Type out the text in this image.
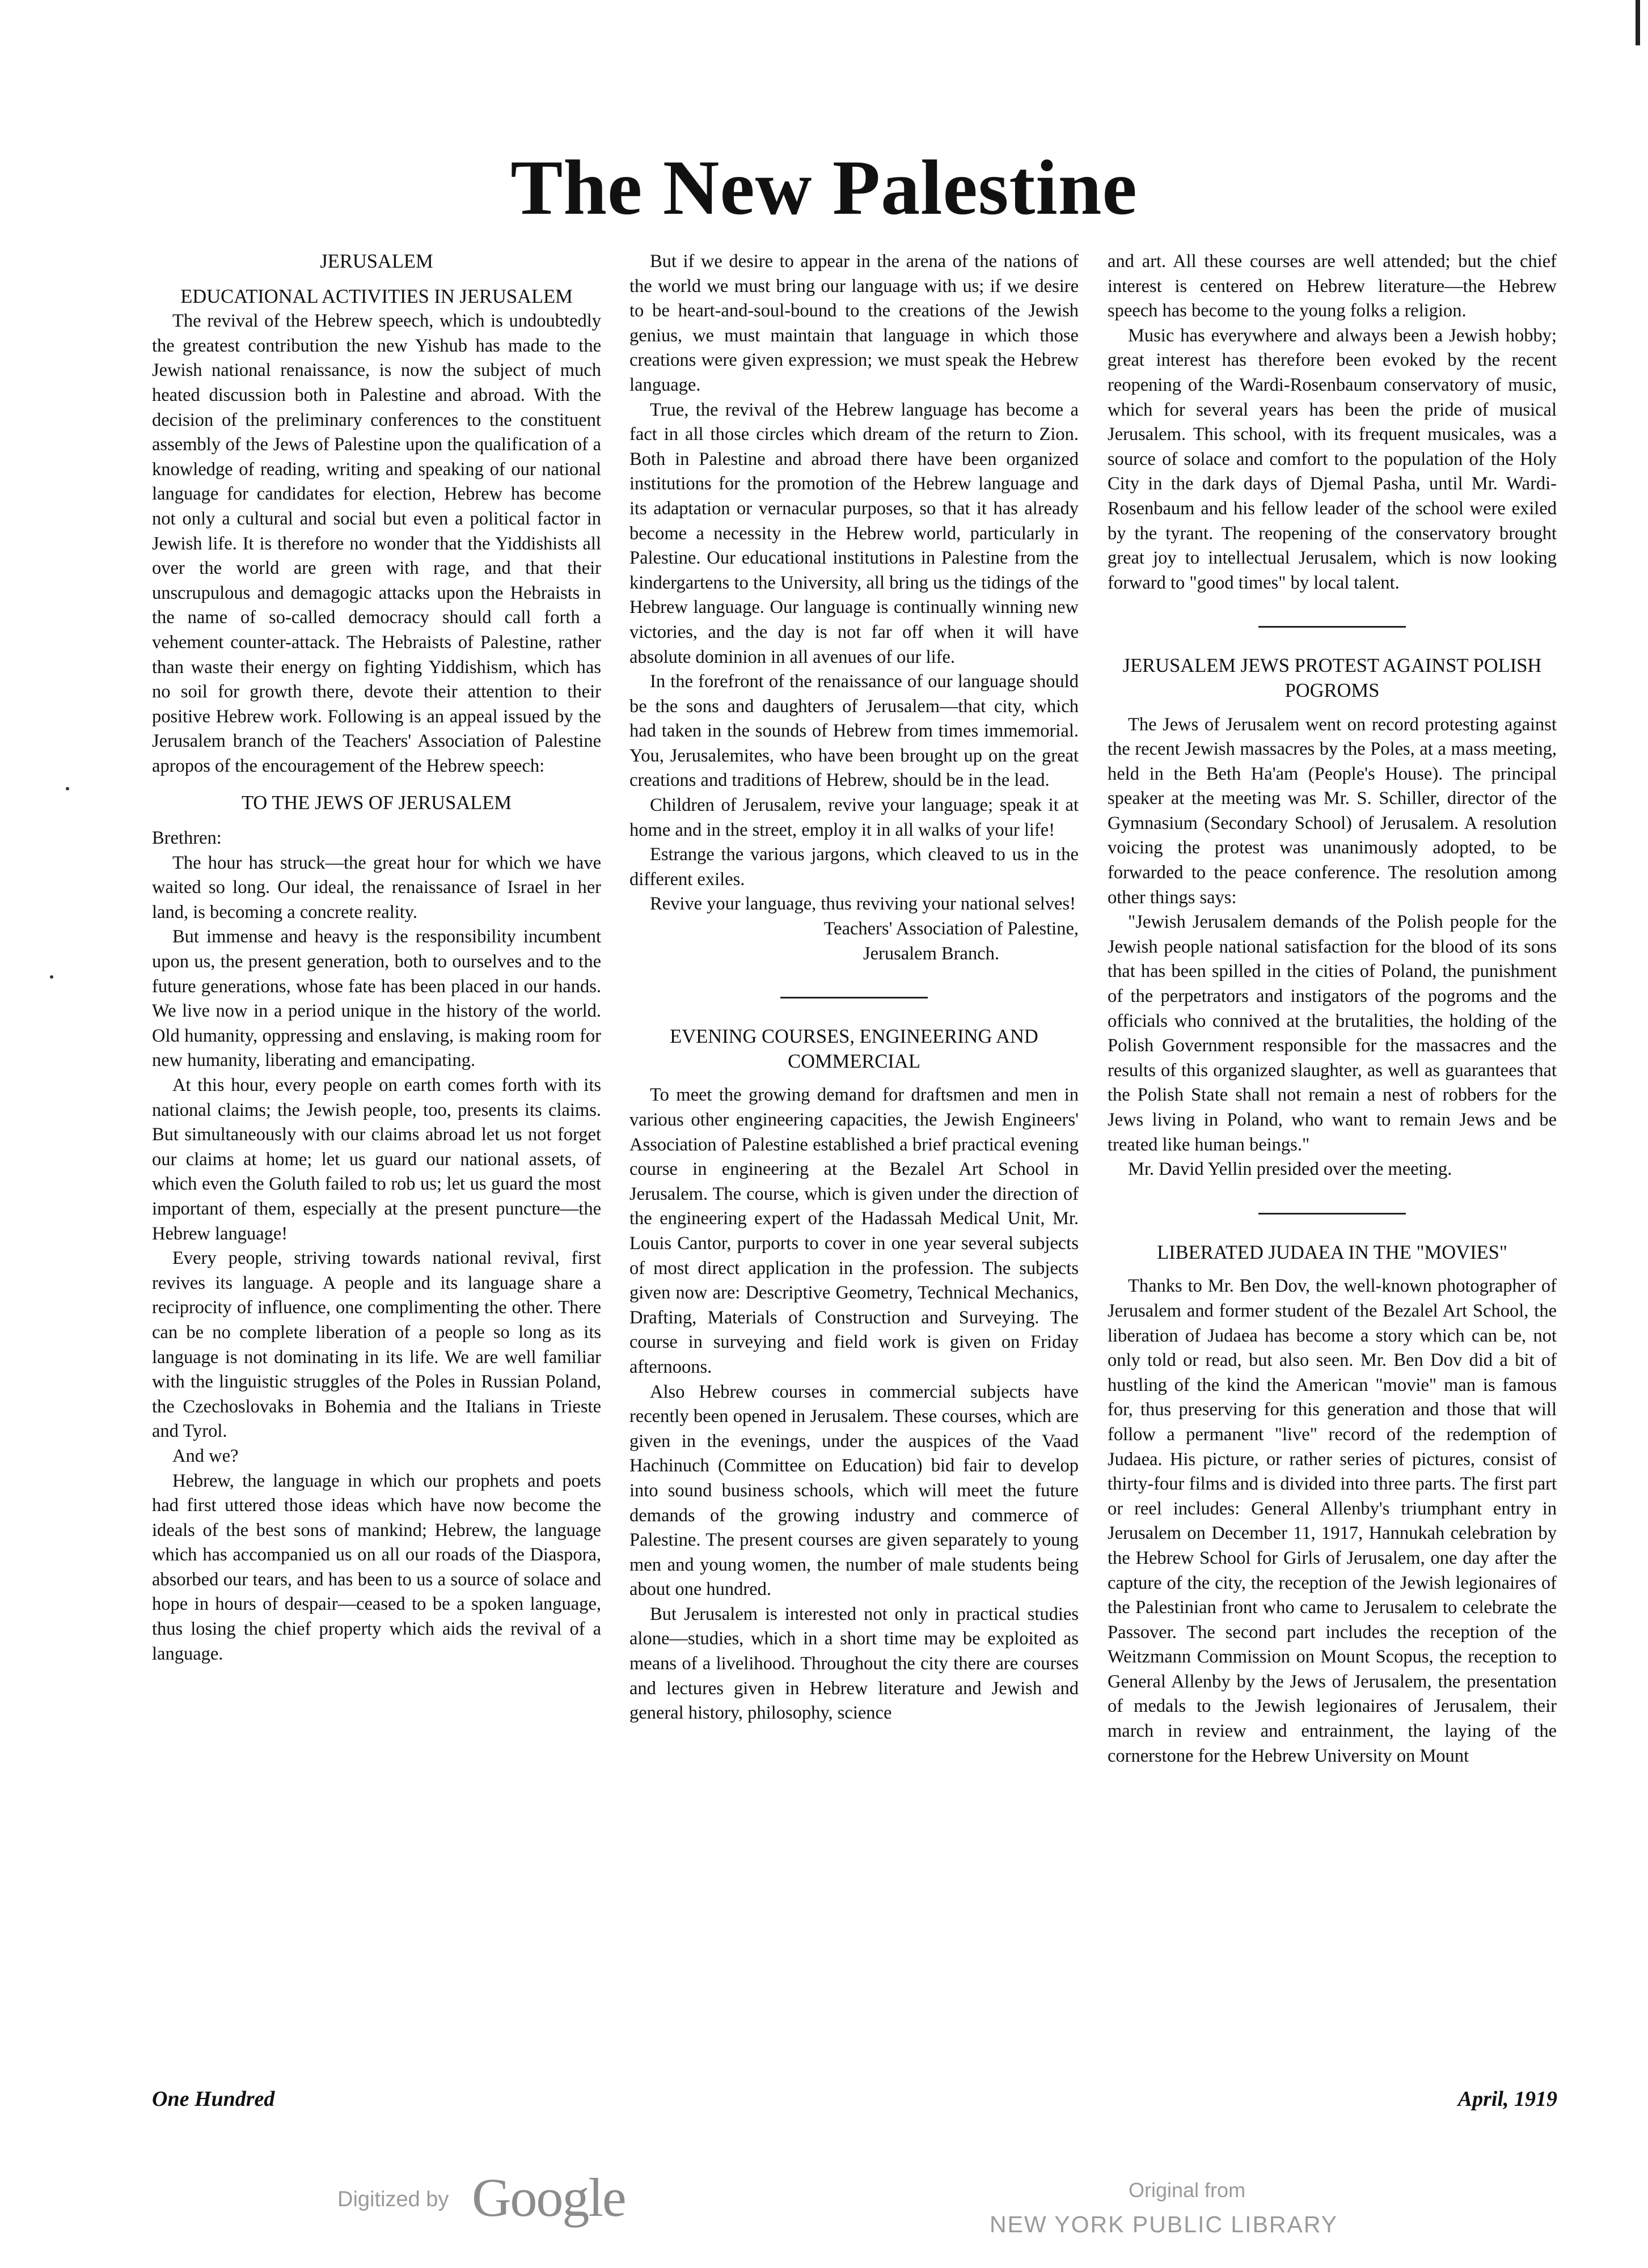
The New Palestine
JERUSALEM
EDUCATIONAL ACTIVITIES IN JERUSALEM

The revival of the Hebrew speech, which is undoubtedly the greatest contribution the new Yishub has made to the Jewish national renaissance, is now the subject of much heated discussion both in Palestine and abroad. With the decision of the preliminary conferences to the constituent assembly of the Jews of Palestine upon the qualification of a knowledge of reading, writing and speaking of our national language for candidates for election, Hebrew has become not only a cultural and social but even a political factor in Jewish life. It is therefore no wonder that the Yiddishists all over the world are green with rage, and that their unscrupulous and demagogic attacks upon the Hebraists in the name of so-called democracy should call forth a vehement counter-attack. The Hebraists of Palestine, rather than waste their energy on fighting Yiddishism, which has no soil for growth there, devote their attention to their positive Hebrew work. Following is an appeal issued by the Jerusalem branch of the Teachers' Association of Palestine apropos of the encouragement of the Hebrew speech:

TO THE JEWS OF JERUSALEM

Brethren:

The hour has struck—the great hour for which we have waited so long. Our ideal, the renaissance of Israel in her land, is becoming a concrete reality.

But immense and heavy is the responsibility incumbent upon us, the present generation, both to ourselves and to the future generations, whose fate has been placed in our hands. We live now in a period unique in the history of the world. Old humanity, oppressing and enslaving, is making room for new humanity, liberating and emancipating.

At this hour, every people on earth comes forth with its national claims; the Jewish people, too, presents its claims. But simultaneously with our claims abroad let us not forget our claims at home; let us guard our national assets, of which even the Goluth failed to rob us; let us guard the most important of them, especially at the present puncture—the Hebrew language!

Every people, striving towards national revival, first revives its language. A people and its language share a reciprocity of influence, one complimenting the other. There can be no complete liberation of a people so long as its language is not dominating in its life. We are well familiar with the linguistic struggles of the Poles in Russian Poland, the Czechoslovaks in Bohemia and the Italians in Trieste and Tyrol.

And we?

Hebrew, the language in which our prophets and poets had first uttered those ideas which have now become the ideals of the best sons of mankind; Hebrew, the language which has accompanied us on all our roads of the Diaspora, absorbed our tears, and has been to us a source of solace and hope in hours of despair—ceased to be a spoken language, thus losing the chief property which aids the revival of a language.

But if we desire to appear in the arena of the nations of the world we must bring our language with us; if we desire to be heart-and-soul-bound to the creations of the Jewish genius, we must maintain that language in which those creations were given expression; we must speak the Hebrew language.

True, the revival of the Hebrew language has become a fact in all those circles which dream of the return to Zion. Both in Palestine and abroad there have been organized institutions for the promotion of the Hebrew language and its adaptation or vernacular purposes, so that it has already become a necessity in the Hebrew world, particularly in Palestine. Our educational institutions in Palestine from the kindergartens to the University, all bring us the tidings of the Hebrew language. Our language is continually winning new victories, and the day is not far off when it will have absolute dominion in all avenues of our life.

In the forefront of the renaissance of our language should be the sons and daughters of Jerusalem—that city, which had taken in the sounds of Hebrew from times immemorial. You, Jerusalemites, who have been brought up on the great creations and traditions of Hebrew, should be in the lead.

Children of Jerusalem, revive your language; speak it at home and in the street, employ it in all walks of your life!

Estrange the various jargons, which cleaved to us in the different exiles.

Revive your language, thus reviving your national selves!

Teachers' Association of Palestine,

Jerusalem Branch.

EVENING COURSES, ENGINEERING AND COMMERCIAL

To meet the growing demand for draftsmen and men in various other engineering capacities, the Jewish Engineers' Association of Palestine established a brief practical evening course in engineering at the Bezalel Art School in Jerusalem. The course, which is given under the direction of the engineering expert of the Hadassah Medical Unit, Mr. Louis Cantor, purports to cover in one year several subjects of most direct application in the profession. The subjects given now are: Descriptive Geometry, Technical Mechanics, Drafting, Materials of Construction and Surveying. The course in surveying and field work is given on Friday afternoons.

Also Hebrew courses in commercial subjects have recently been opened in Jerusalem. These courses, which are given in the evenings, under the auspices of the Vaad Hachinuch (Committee on Education) bid fair to develop into sound business schools, which will meet the future demands of the growing industry and commerce of Palestine. The present courses are given separately to young men and young women, the number of male students being about one hundred.

But Jerusalem is interested not only in practical studies alone—studies, which in a short time may be exploited as means of a livelihood. Throughout the city there are courses and lectures given in Hebrew literature and Jewish and general history, philosophy, science

and art. All these courses are well attended; but the chief interest is centered on Hebrew literature—the Hebrew speech has become to the young folks a religion.

Music has everywhere and always been a Jewish hobby; great interest has therefore been evoked by the recent reopening of the Wardi-Rosenbaum conservatory of music, which for several years has been the pride of musical Jerusalem. This school, with its frequent musicales, was a source of solace and comfort to the population of the Holy City in the dark days of Djemal Pasha, until Mr. Wardi-Rosenbaum and his fellow leader of the school were exiled by the tyrant. The reopening of the conservatory brought great joy to intellectual Jerusalem, which is now looking forward to "good times" by local talent.

JERUSALEM JEWS PROTEST AGAINST POLISH POGROMS

The Jews of Jerusalem went on record protesting against the recent Jewish massacres by the Poles, at a mass meeting, held in the Beth Ha'am (People's House). The principal speaker at the meeting was Mr. S. Schiller, director of the Gymnasium (Secondary School) of Jerusalem. A resolution voicing the protest was unanimously adopted, to be forwarded to the peace conference. The resolution among other things says:

"Jewish Jerusalem demands of the Polish people for the Jewish people national satisfaction for the blood of its sons that has been spilled in the cities of Poland, the punishment of the perpetrators and instigators of the pogroms and the officials who connived at the brutalities, the holding of the Polish Government responsible for the massacres and the results of this organized slaughter, as well as guarantees that the Polish State shall not remain a nest of robbers for the Jews living in Poland, who want to remain Jews and be treated like human beings."

Mr. David Yellin presided over the meeting.

LIBERATED JUDAEA IN THE "MOVIES"

Thanks to Mr. Ben Dov, the well-known photographer of Jerusalem and former student of the Bezalel Art School, the liberation of Judaea has become a story which can be, not only told or read, but also seen. Mr. Ben Dov did a bit of hustling of the kind the American "movie" man is famous for, thus preserving for this generation and those that will follow a permanent "live" record of the redemption of Judaea. His picture, or rather series of pictures, consist of thirty-four films and is divided into three parts. The first part or reel includes: General Allenby's triumphant entry in Jerusalem on December 11, 1917, Hannukah celebration by the Hebrew School for Girls of Jerusalem, one day after the capture of the city, the reception of the Jewish legionaires of the Palestinian front who came to Jerusalem to celebrate the Passover. The second part includes the reception of the Weitzmann Commission on Mount Scopus, the reception to General Allenby by the Jews of Jerusalem, the presentation of medals to the Jewish legionaires of Jerusalem, their march in review and entrainment, the laying of the cornerstone for the Hebrew University on Mount

One Hundred	April, 1919
Digitized by Google	Original from
NEW YORK PUBLIC LIBRARY
